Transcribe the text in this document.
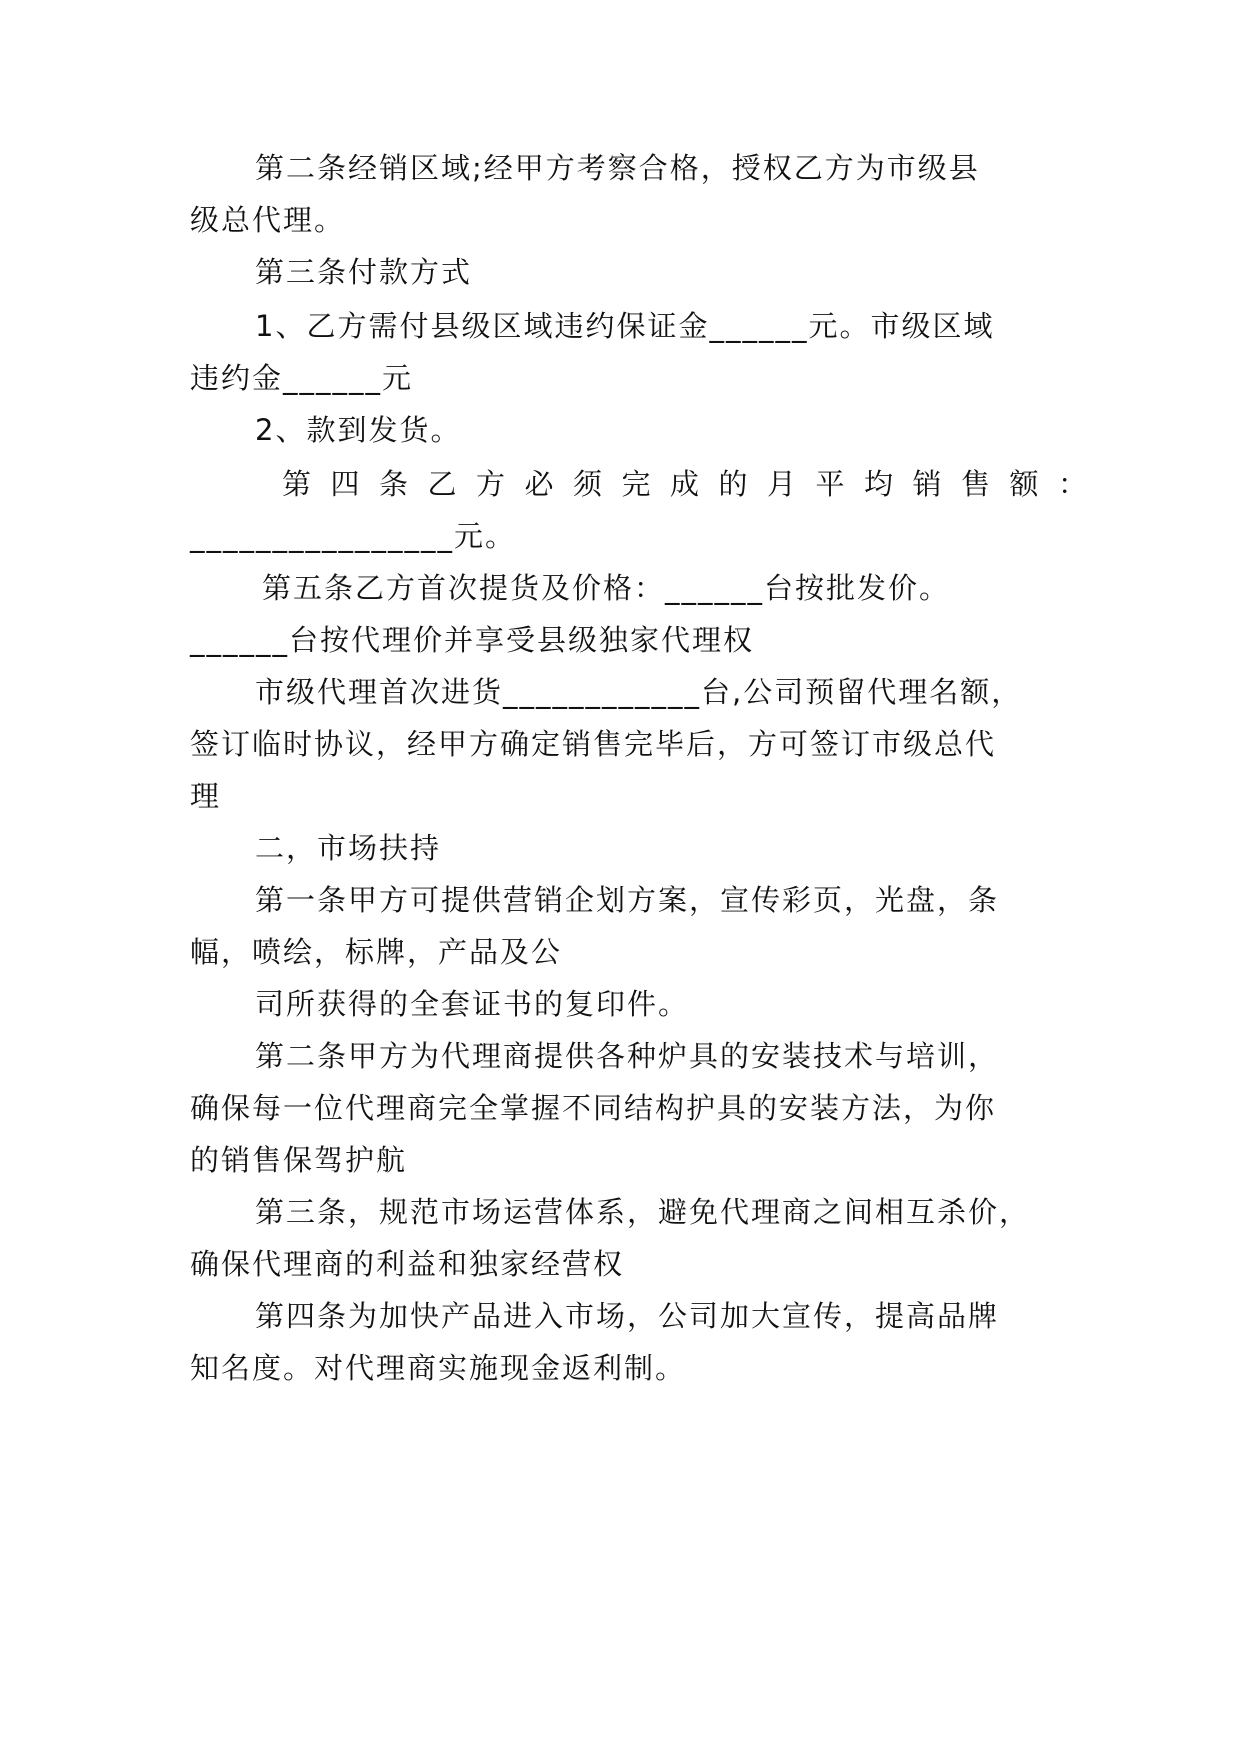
第二条经销区域;经甲方考察合格，授权乙方为市级县
级总代理。
第三条付款方式
1、乙方需付县级区域违约保证金______元。市级区域
违约金______元
2、款到发货。
第四条乙方必须完成的月平均销售额：
________________元。
第五条乙方首次提货及价格：______台按批发价。
______台按代理价并享受县级独家代理权
市级代理首次进货____________台,公司预留代理名额，
签订临时协议，经甲方确定销售完毕后，方可签订市级总代
理
二，市场扶持
第一条甲方可提供营销企划方案，宣传彩页，光盘，条
幅，喷绘，标牌，产品及公
司所获得的全套证书的复印件。
第二条甲方为代理商提供各种炉具的安装技术与培训，
确保每一位代理商完全掌握不同结构护具的安装方法，为你
的销售保驾护航
第三条，规范市场运营体系，避免代理商之间相互杀价，
确保代理商的利益和独家经营权
第四条为加快产品进入市场，公司加大宣传，提高品牌
知名度。对代理商实施现金返利制。
